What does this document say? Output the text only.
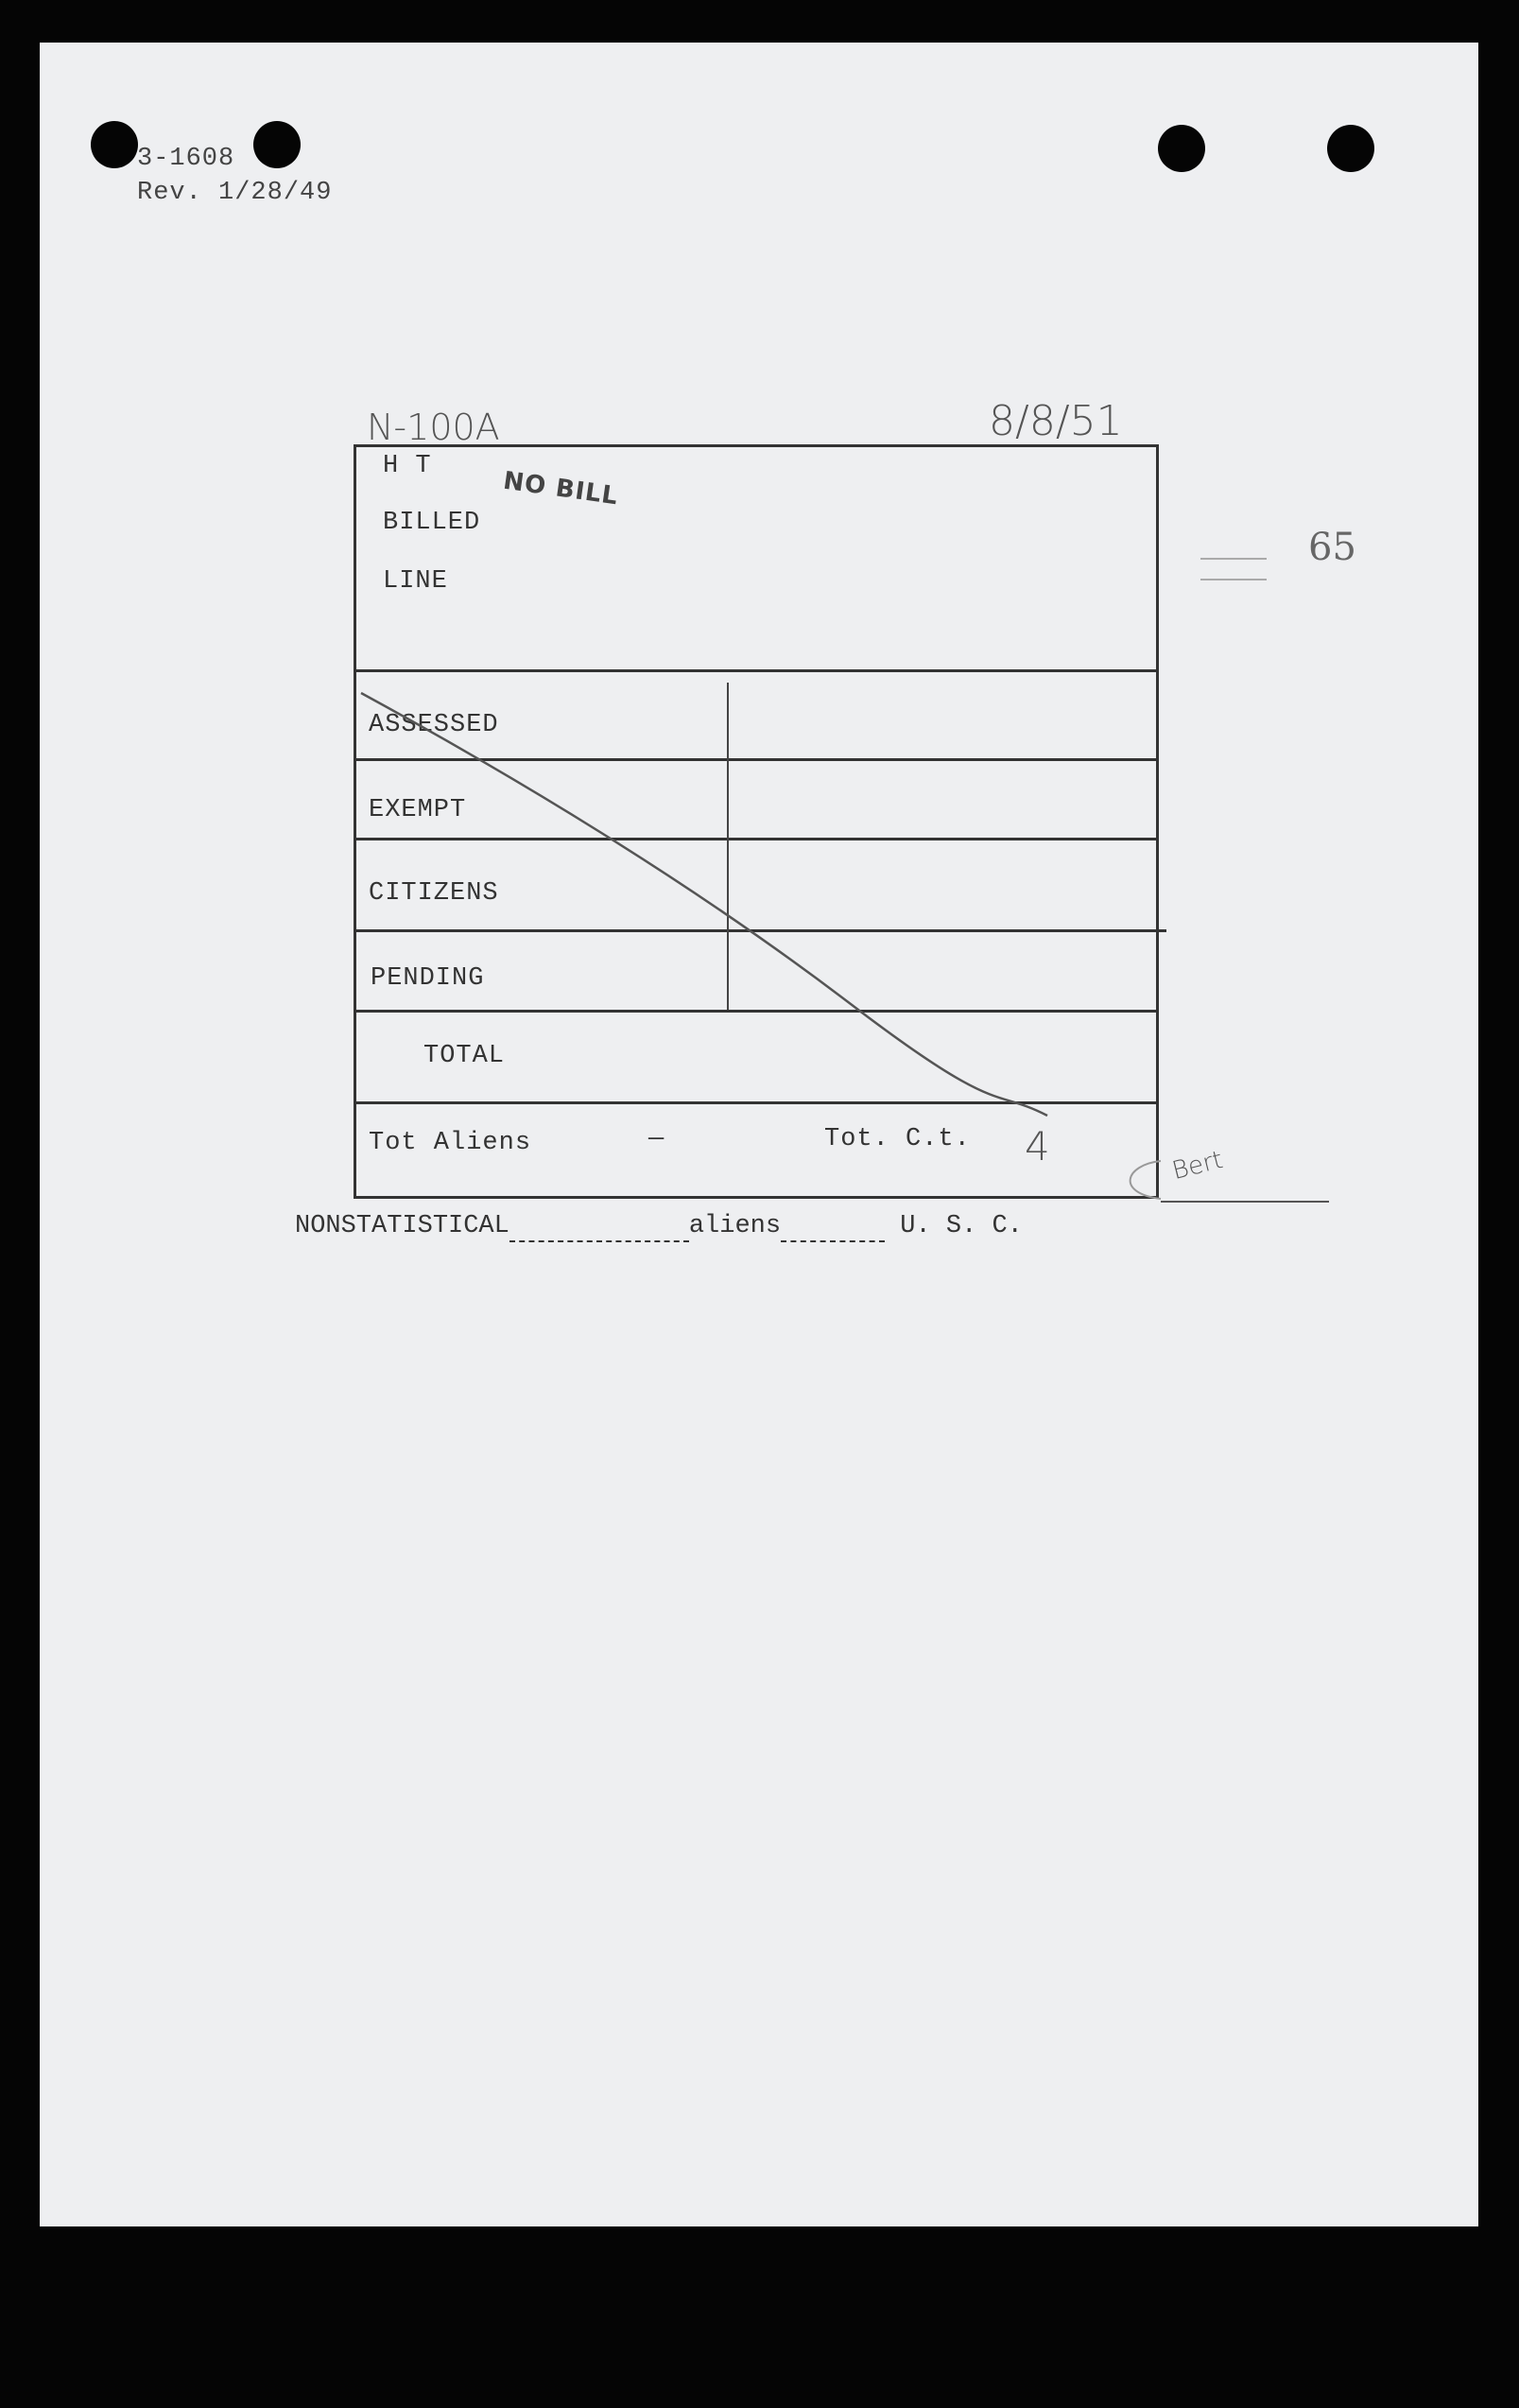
3-1608
Rev. 1/28/49
N-100A	8/8/51
NO BILL
65
H T
BILLED
LINE
ASSESSED
EXEMPT
CITIZENS
PENDING
TOTAL
Tot Aliens	—	Tot. C.t. 4	Bert
NONSTATISTICAL	aliens	U. S. C.
